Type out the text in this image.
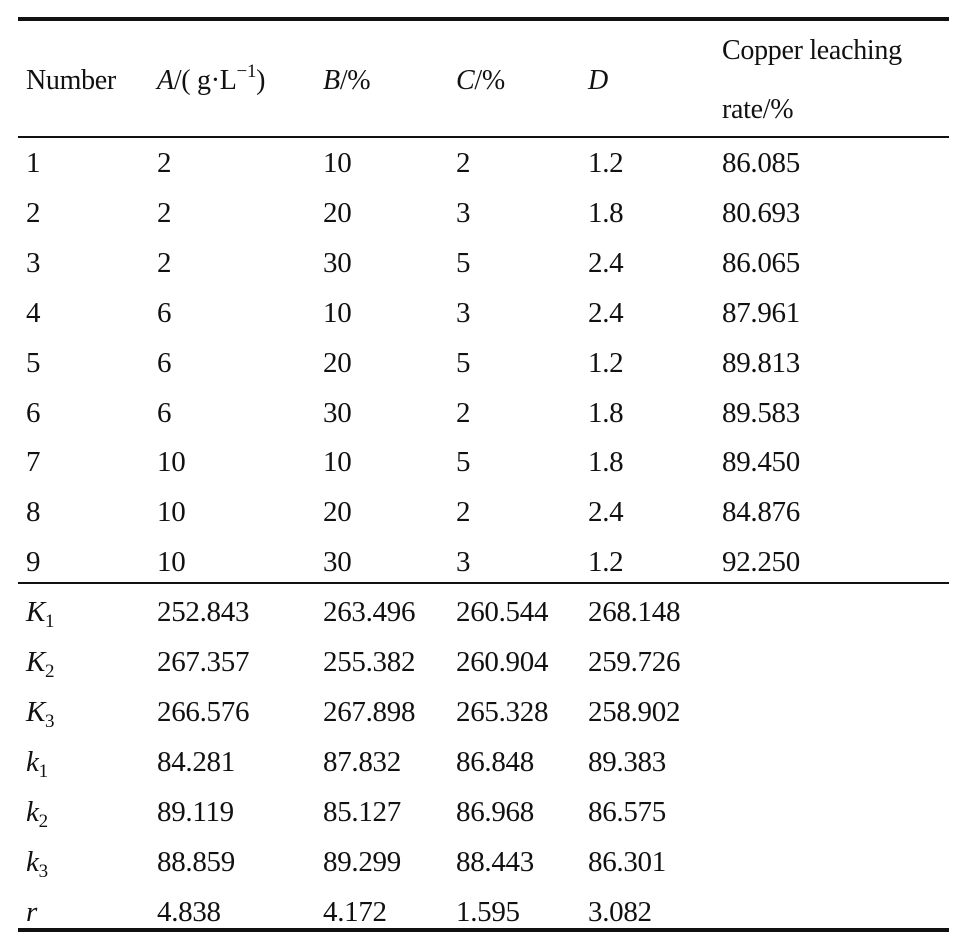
Number A/( $g\cdot L^{-1}$) B/%	C/%	D
Copper leaching
rate/%
1	2	10	2	1.2	86.085
2	2	20	3	1.8	80.693
3	2	30	5	2.4	86.065
4	6	10	3	2.4	87.961
5	6	20	5	1.2	89.813
6	6	30	2	1.8	89.583
7	10	10	5	1.8	89.450
8	10	20	2	2.4	84.876
9	10	30	3	1.2	92.250
$K_1$	252.843	263.496 260.544 268.148
$K_2$	267.357	255.382 260.904 259.726
$K_3$	266.576	267.898 265.328 258.902
$k_1$	84.281	87.832 86.848 89.383
$k_2$	89.119	85.127 86.968 86.575
$k_3$	88.859	89.299 88.443 86.301
r	4.838	4.172 1.595 3.082
